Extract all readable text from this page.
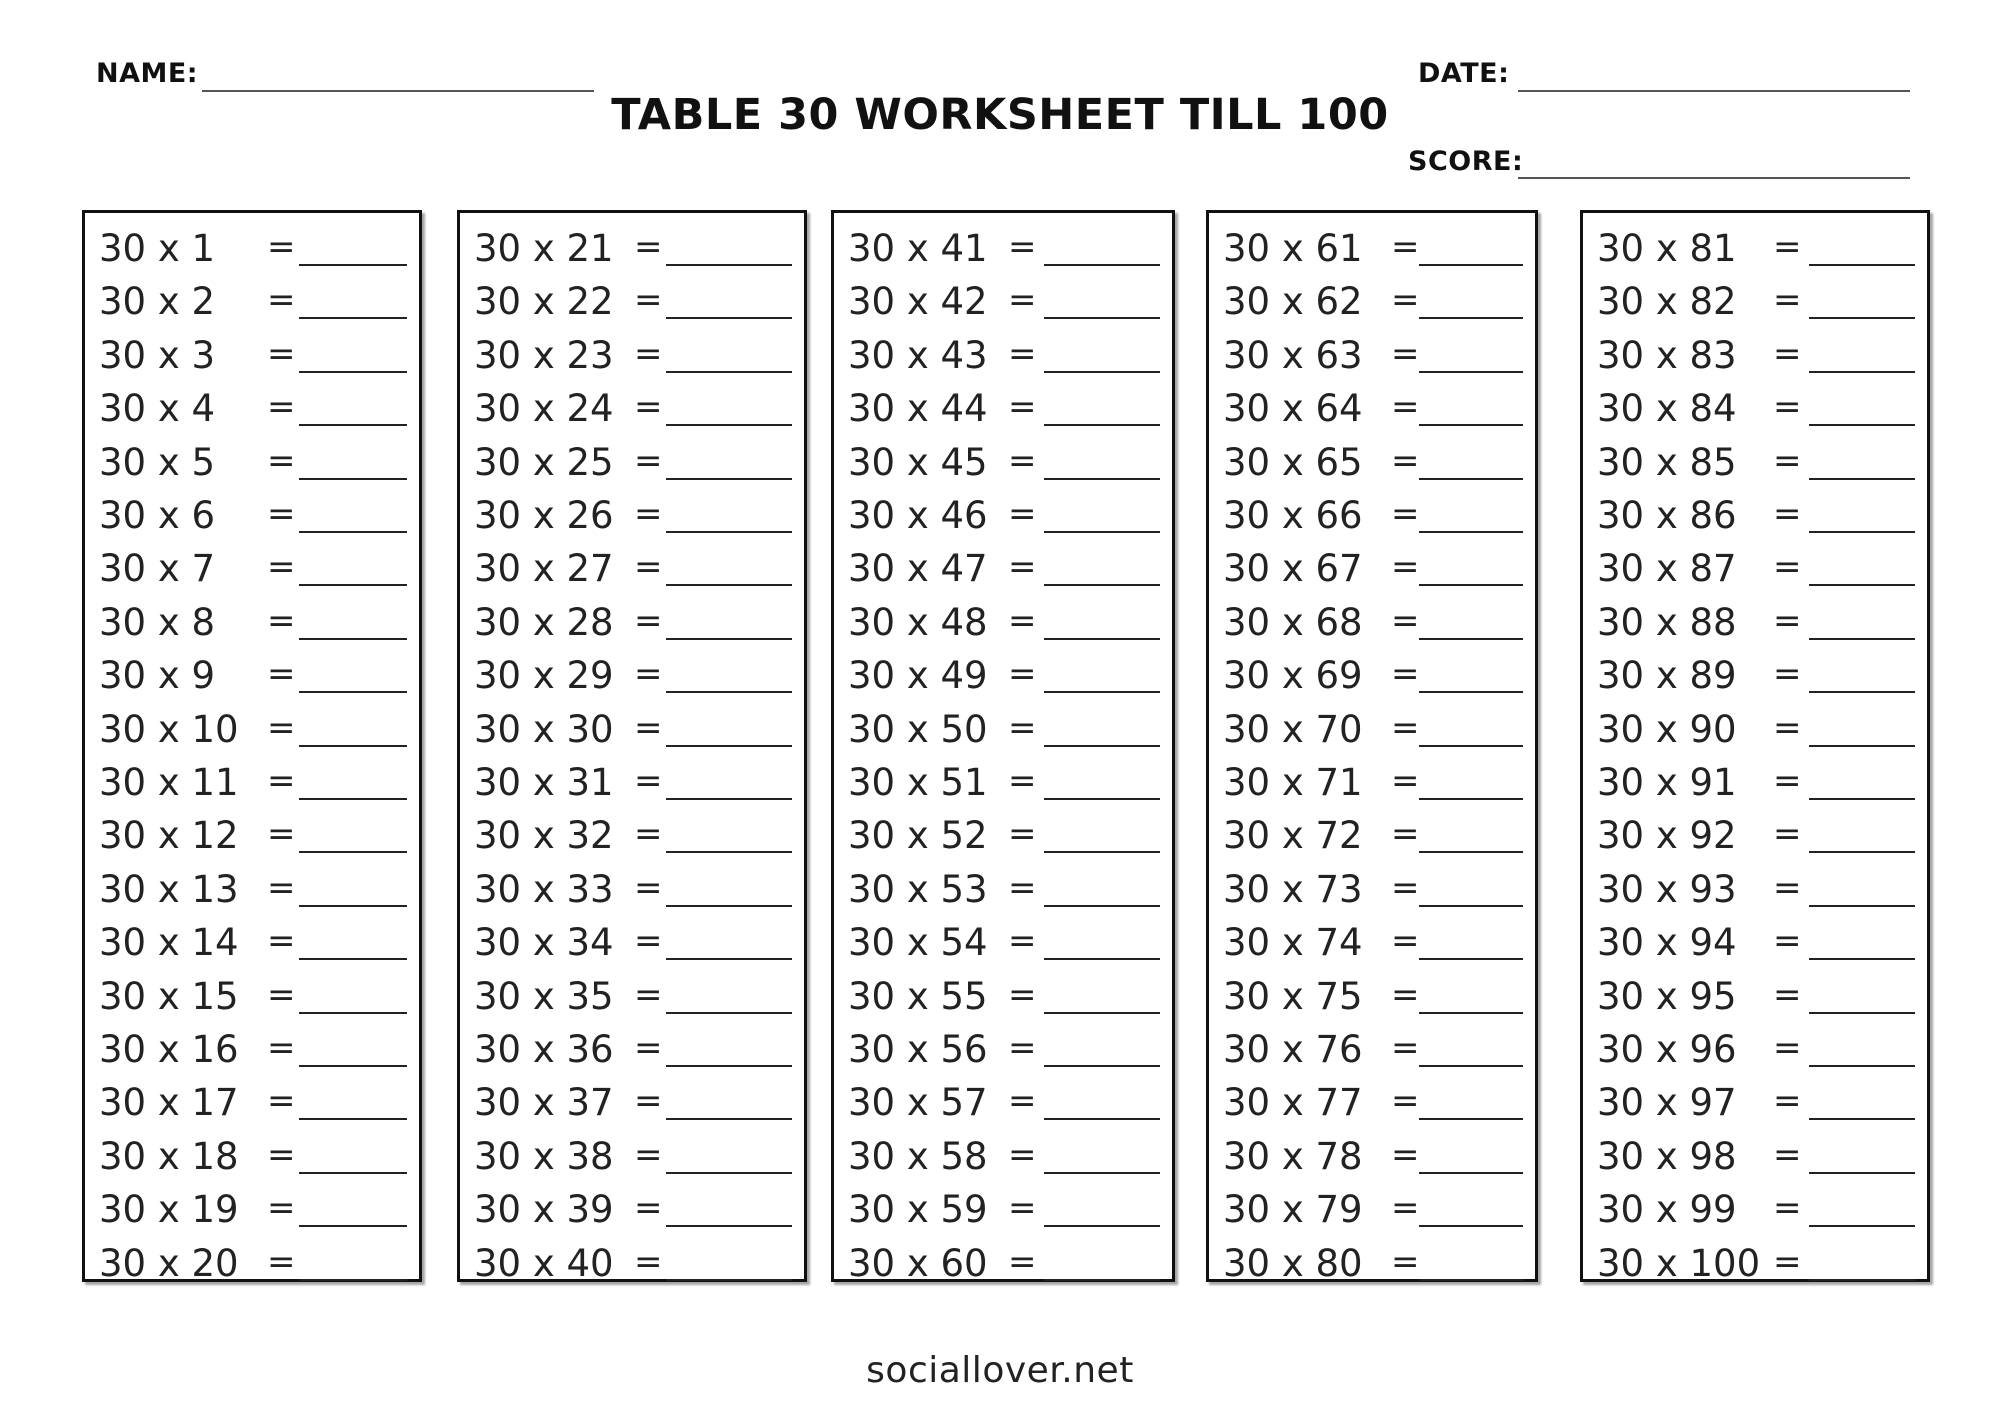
NAME:	DATE:
SCORE:
TABLE 30 WORKSHEET TILL 100
30 x 1 =
30 x 2 =
30 x 3 =
30 x 4 =
30 x 5 =
30 x 6 =
30 x 7 =
30 x 8 =
30 x 9 =
30 x 10 =
30 x 11 =
30 x 12 =
30 x 13 =
30 x 14 =
30 x 15 =
30 x 16 =
30 x 17 =
30 x 18 =
30 x 19 =
30 x 20 =
30 x 21 =
30 x 22 =
30 x 23 =
30 x 24 =
30 x 25 =
30 x 26 =
30 x 27 =
30 x 28 =
30 x 29 =
30 x 30 =
30 x 31 =
30 x 32 =
30 x 33 =
30 x 34 =
30 x 35 =
30 x 36 =
30 x 37 =
30 x 38 =
30 x 39 =
30 x 40 =
30 x 41 =
30 x 42 =
30 x 43 =
30 x 44 =
30 x 45 =
30 x 46 =
30 x 47 =
30 x 48 =
30 x 49 =
30 x 50 =
30 x 51 =
30 x 52 =
30 x 53 =
30 x 54 =
30 x 55 =
30 x 56 =
30 x 57 =
30 x 58 =
30 x 59 =
30 x 60 =
30 x 61 =
30 x 62 =
30 x 63 =
30 x 64 =
30 x 65 =
30 x 66 =
30 x 67 =
30 x 68 =
30 x 69 =
30 x 70 =
30 x 71 =
30 x 72 =
30 x 73 =
30 x 74 =
30 x 75 =
30 x 76 =
30 x 77 =
30 x 78 =
30 x 79 =
30 x 80 =
30 x 81 =
30 x 82 =
30 x 83 =
30 x 84 =
30 x 85 =
30 x 86 =
30 x 87 =
30 x 88 =
30 x 89 =
30 x 90 =
30 x 91 =
30 x 92 =
30 x 93 =
30 x 94 =
30 x 95 =
30 x 96 =
30 x 97 =
30 x 98 =
30 x 99 =
30 x 100 =
sociallover.net
